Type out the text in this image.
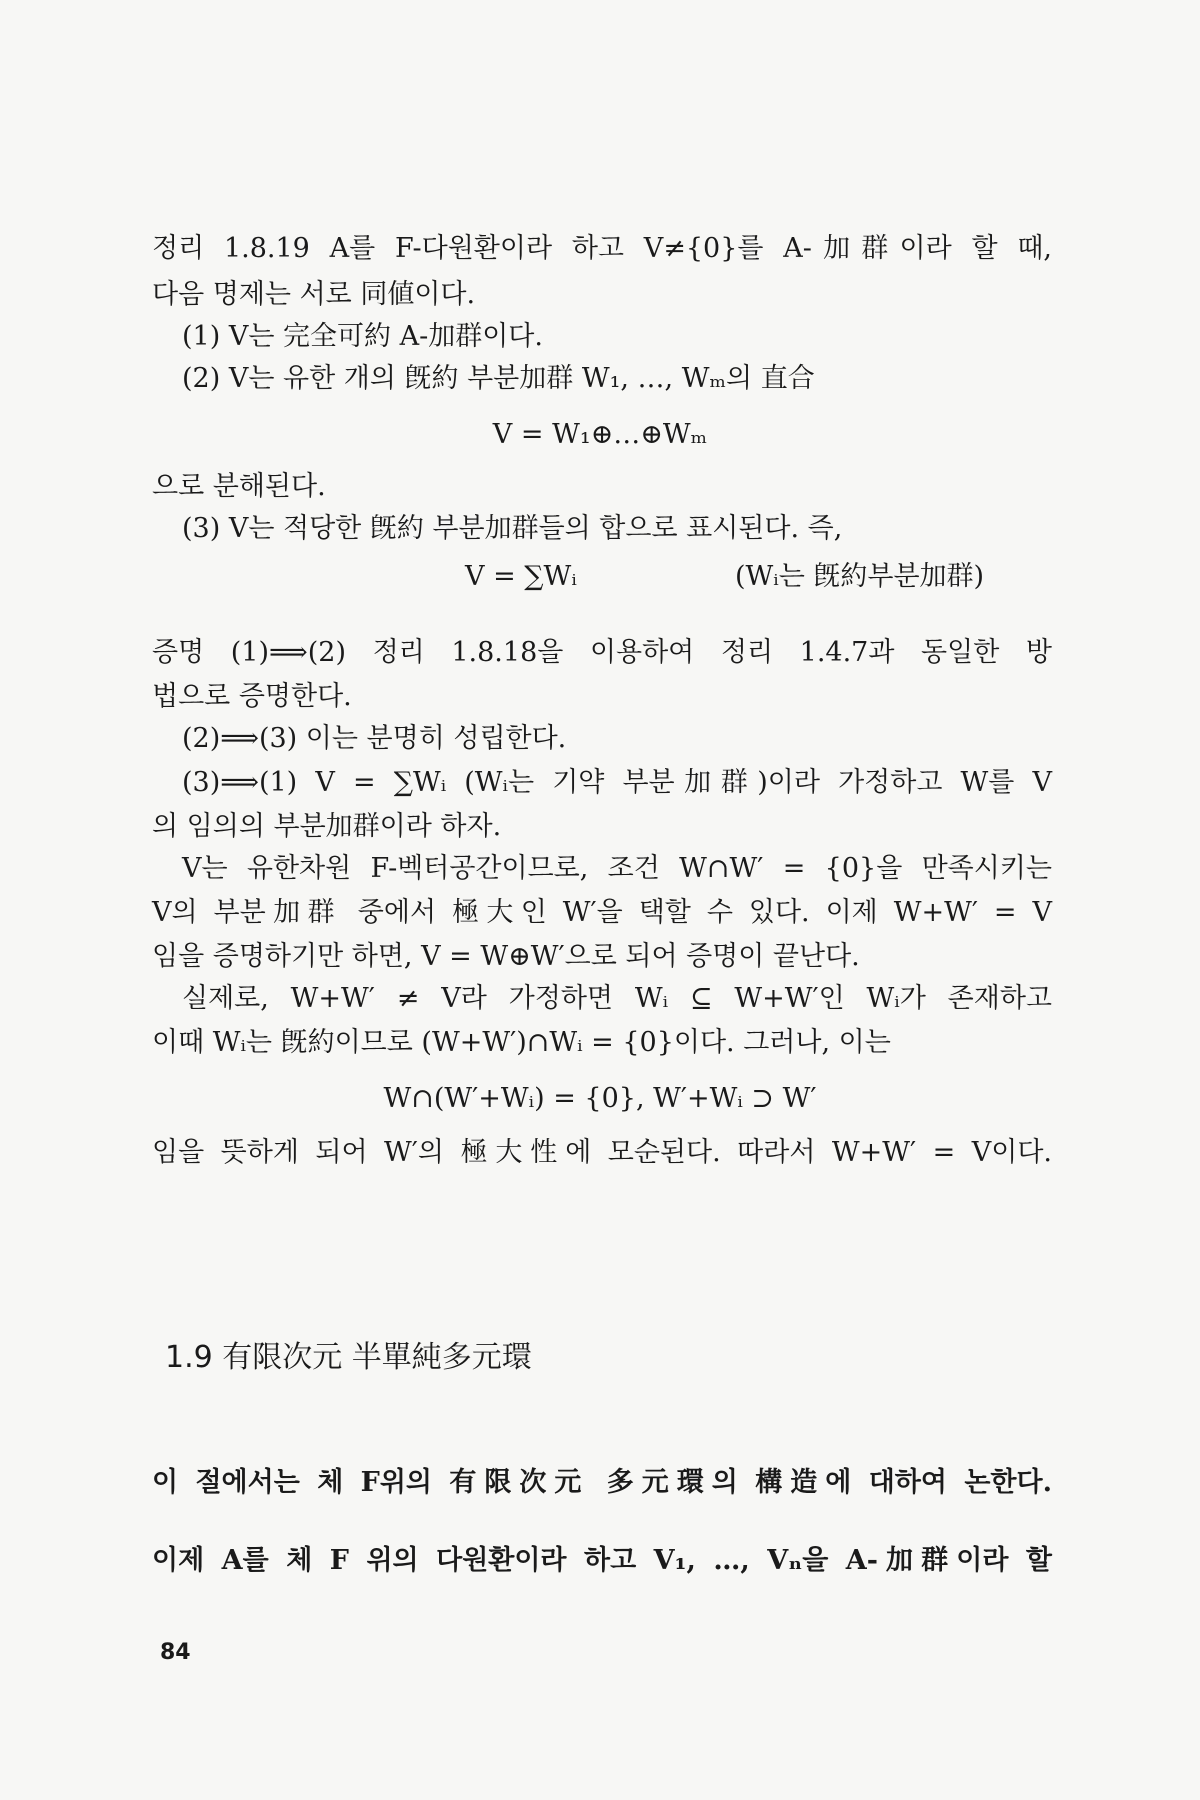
정리 1.8.19 A를 F-다원환이라 하고 V≠{0}를 A-加群이라 할 때,
다음 명제는 서로 同値이다.
(1) V는 完全可約 A-加群이다.
(2) V는 유한 개의 旣約 부분加群 W₁, …, Wₘ의 直合
V = W₁⊕…⊕Wₘ
으로 분해된다.
(3) V는 적당한 旣約 부분加群들의 합으로 표시된다. 즉,
V = ∑Wᵢ	(Wᵢ는 旣約부분加群)
증명 (1)⟹(2) 정리 1.8.18을 이용하여 정리 1.4.7과 동일한 방
법으로 증명한다.
(2)⟹(3) 이는 분명히 성립한다.
(3)⟹(1) V = ∑Wᵢ (Wᵢ는 기약 부분加群)이라 가정하고 W를 V
의 임의의 부분加群이라 하자.
V는 유한차원 F-벡터공간이므로, 조건 W∩W′ = {0}을 만족시키는
V의 부분加群 중에서 極大인 W′을 택할 수 있다. 이제 W+W′ = V
임을 증명하기만 하면, V = W⊕W′으로 되어 증명이 끝난다.
실제로, W+W′ ≠ V라 가정하면 Wᵢ ⊆ W+W′인 Wᵢ가 존재하고
이때 Wᵢ는 旣約이므로 (W+W′)∩Wᵢ = {0}이다. 그러나, 이는
W∩(W′+Wᵢ) = {0}, W′+Wᵢ ⊃ W′
임을 뜻하게 되어 W′의 極大性에 모순된다. 따라서 W+W′ = V이다.
1.9 有限次元 半單純多元環
이 절에서는 체 F위의 有限次元 多元環의 構造에 대하여 논한다.
이제 A를 체 F 위의 다원환이라 하고 V₁, …, Vₙ을 A-加群이라 할
84
